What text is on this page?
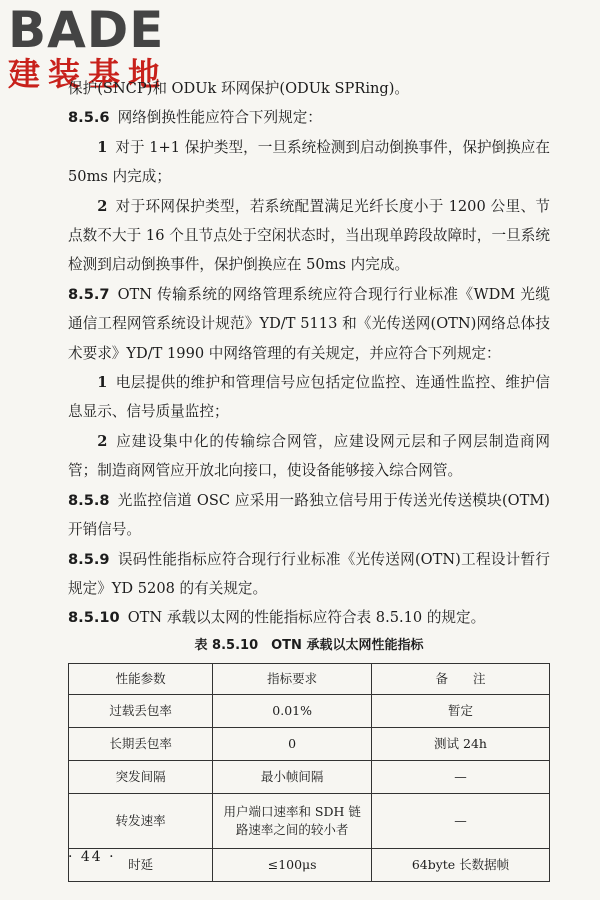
BADE
建装基地

保护(SNCP)和 ODUk 环网保护(ODUk SPRing)。

8.5.6 网络倒换性能应符合下列规定：

1 对于 1+1 保护类型，一旦系统检测到启动倒换事件，保护倒换应在 50ms 内完成；

2 对于环网保护类型，若系统配置满足光纤长度小于 1200 公里、节点数不大于 16 个且节点处于空闲状态时，当出现单跨段故障时，一旦系统检测到启动倒换事件，保护倒换应在 50ms 内完成。

8.5.7 OTN 传输系统的网络管理系统应符合现行行业标准《WDM 光缆通信工程网管系统设计规范》YD/T 5113 和《光传送网(OTN)网络总体技术要求》YD/T 1990 中网络管理的有关规定，并应符合下列规定：

1 电层提供的维护和管理信号应包括定位监控、连通性监控、维护信息显示、信号质量监控；

2 应建设集中化的传输综合网管，应建设网元层和子网层制造商网管；制造商网管应开放北向接口，使设备能够接入综合网管。

8.5.8 光监控信道 OSC 应采用一路独立信号用于传送光传送模块(OTM)开销信号。

8.5.9 误码性能指标应符合现行行业标准《光传送网(OTN)工程设计暂行规定》YD 5208 的有关规定。

8.5.10 OTN 承载以太网的性能指标应符合表 8.5.10 的规定。

表 8.5.10　OTN 承载以太网性能指标
性能参数	指标要求	备　　注
过载丢包率	0.01%	暂定
长期丢包率	0	测试 24h
突发间隔	最小帧间隔	—
转发速率	用户端口速率和 SDH 链路速率之间的较小者	—
时延	≤100μs	64byte 长数据帧
· 44 ·
